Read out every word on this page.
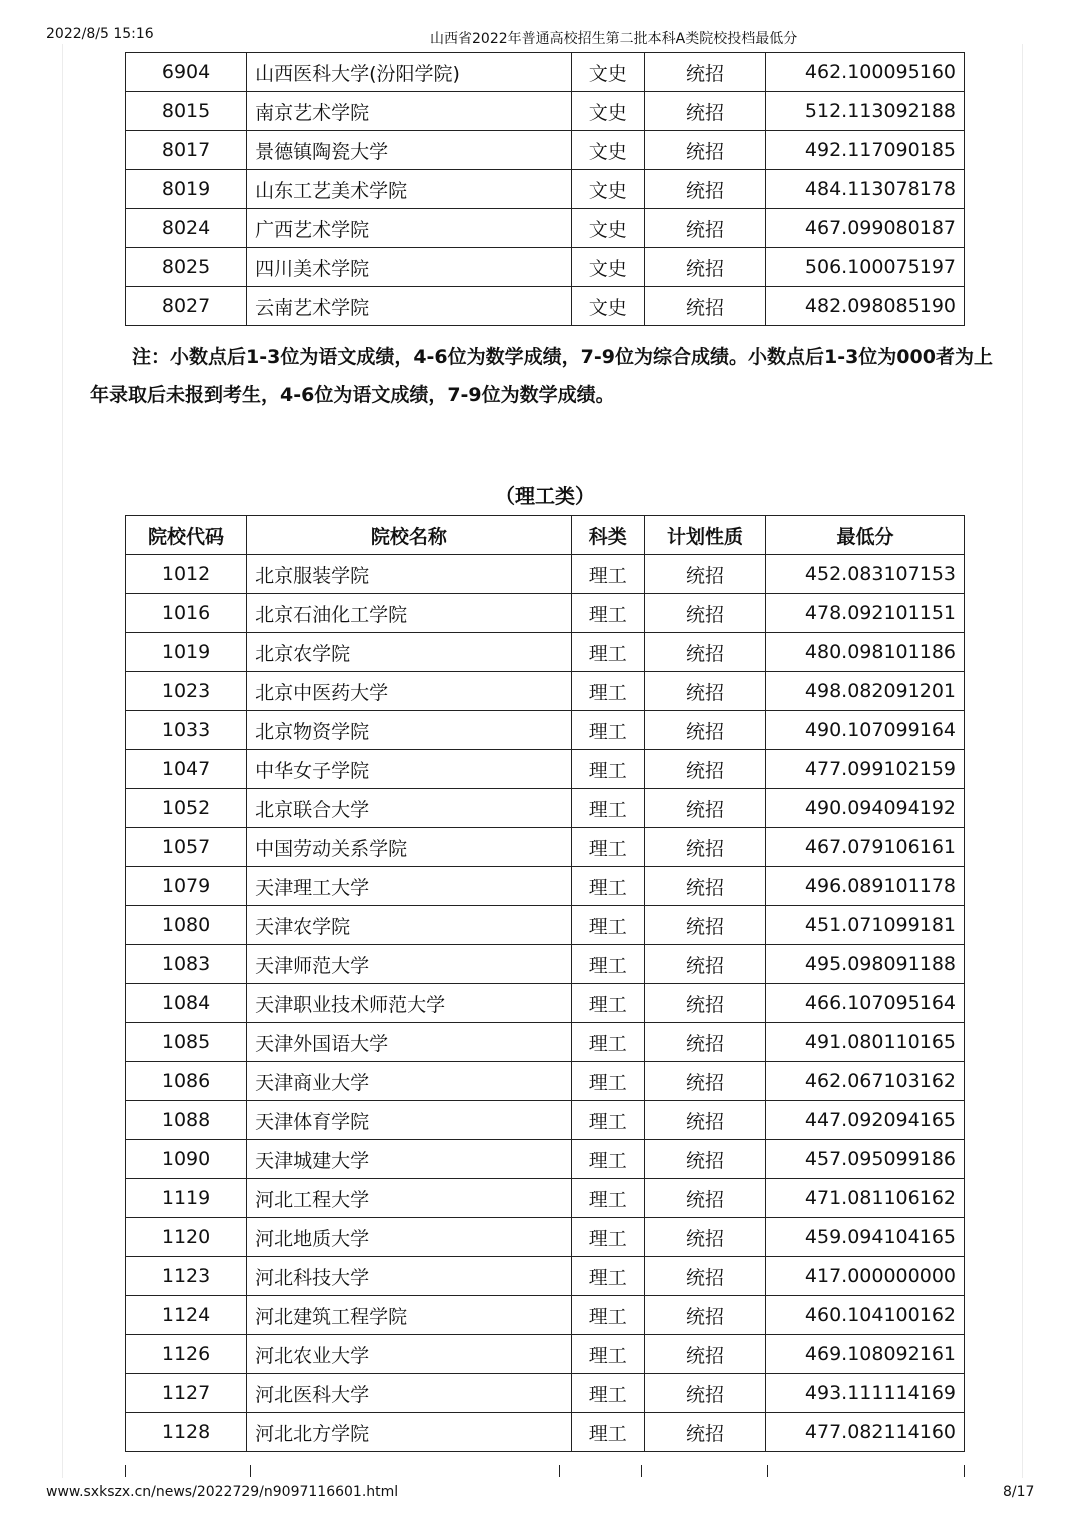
2022/8/5 15:16	山西省2022年普通高校招生第二批本科A类院校投档最低分
6904	山西医科大学(汾阳学院)	文史	统招	462.100095160
8015	南京艺术学院	文史	统招	512.113092188
8017	景德镇陶瓷大学	文史	统招	492.117090185
8019	山东工艺美术学院	文史	统招	484.113078178
8024	广西艺术学院	文史	统招	467.099080187
8025	四川美术学院	文史	统招	506.100075197
8027	云南艺术学院	文史	统招	482.098085190
注：小数点后1-3位为语文成绩，4-6位为数学成绩，7-9位为综合成绩。小数点后1-3位为000者为上年录取后未报到考生，4-6位为语文成绩，7-9位为数学成绩。
（理工类）
院校代码	院校名称	科类	计划性质	最低分
1012	北京服装学院	理工	统招	452.083107153
1016	北京石油化工学院	理工	统招	478.092101151
1019	北京农学院	理工	统招	480.098101186
1023	北京中医药大学	理工	统招	498.082091201
1033	北京物资学院	理工	统招	490.107099164
1047	中华女子学院	理工	统招	477.099102159
1052	北京联合大学	理工	统招	490.094094192
1057	中国劳动关系学院	理工	统招	467.079106161
1079	天津理工大学	理工	统招	496.089101178
1080	天津农学院	理工	统招	451.071099181
1083	天津师范大学	理工	统招	495.098091188
1084	天津职业技术师范大学	理工	统招	466.107095164
1085	天津外国语大学	理工	统招	491.080110165
1086	天津商业大学	理工	统招	462.067103162
1088	天津体育学院	理工	统招	447.092094165
1090	天津城建大学	理工	统招	457.095099186
1119	河北工程大学	理工	统招	471.081106162
1120	河北地质大学	理工	统招	459.094104165
1123	河北科技大学	理工	统招	417.000000000
1124	河北建筑工程学院	理工	统招	460.104100162
1126	河北农业大学	理工	统招	469.108092161
1127	河北医科大学	理工	统招	493.111114169
1128	河北北方学院	理工	统招	477.082114160
www.sxkszx.cn/news/2022729/n9097116601.html	8/17
